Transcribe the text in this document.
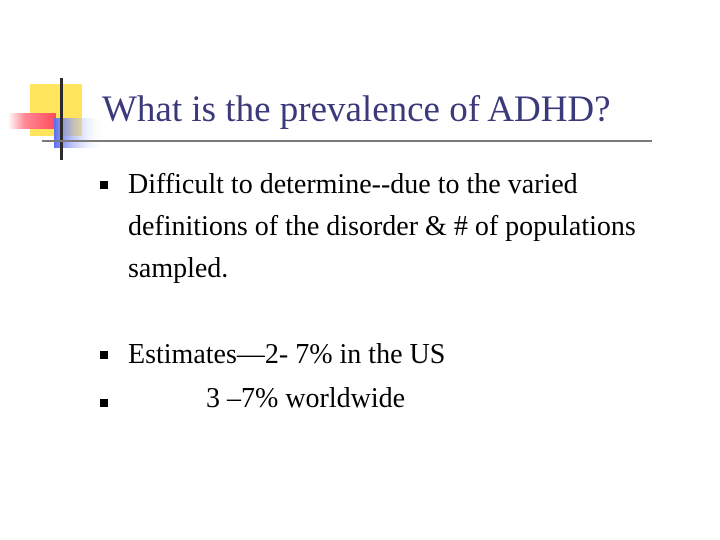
What is the prevalence of ADHD?
Difficult to determine--due to the varied definitions of the disorder & # of populations sampled.
Estimates—2- 7% in the US
3 –7% worldwide
